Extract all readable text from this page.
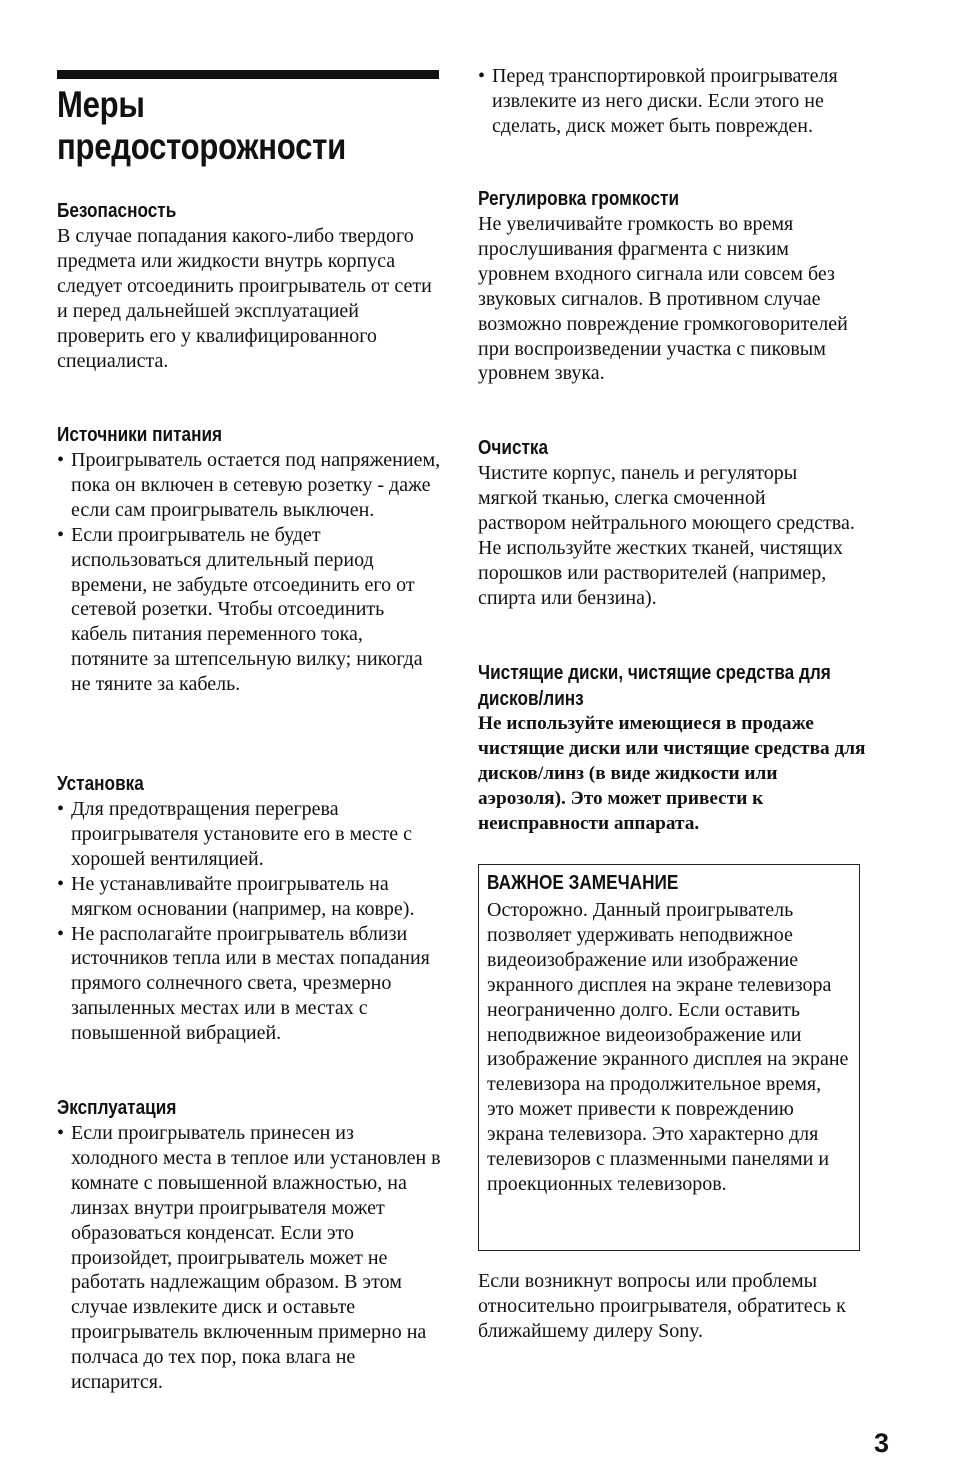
Меры предосторожности
Безопасность

В случае попадания какого-либо твердого предмета или жидкости внутрь корпуса следует отсоединить проигрыватель от сети и перед дальнейшей эксплуатацией проверить его у квалифицированного специалиста.

Источники питания
• Проигрыватель остается под напряжением, пока он включен в сетевую розетку - даже если сам проигрыватель выключен.
• Если проигрыватель не будет использоваться длительный период времени, не забудьте отсоединить его от сетевой розетки. Чтобы отсоединить кабель питания переменного тока, потяните за штепсельную вилку; никогда не тяните за кабель.
Установка
• Для предотвращения перегрева проигрывателя установите его в месте с хорошей вентиляцией.
• Не устанавливайте проигрыватель на мягком основании (например, на ковре).
• Не располагайте проигрыватель вблизи источников тепла или в местах попадания прямого солнечного света, чрезмерно запыленных местах или в местах с повышенной вибрацией.
Эксплуатация
• Если проигрыватель принесен из холодного места в теплое или установлен в комнате с повышенной влажностью, на линзах внутри проигрывателя может образоваться конденсат. Если это произойдет, проигрыватель может не работать надлежащим образом. В этом случае извлеките диск и оставьте проигрыватель включенным примерно на полчаса до тех пор, пока влага не испарится.
• Перед транспортировкой проигрывателя извлеките из него диски. Если этого не сделать, диск может быть поврежден.
Регулировка громкости

Не увеличивайте громкость во время прослушивания фрагмента с низким уровнем входного сигнала или совсем без звуковых сигналов. В противном случае возможно повреждение громкоговорителей при воспроизведении участка с пиковым уровнем звука.

Очистка

Чистите корпус, панель и регуляторы мягкой тканью, слегка смоченной раствором нейтрального моющего средства. Не используйте жестких тканей, чистящих порошков или растворителей (например, спирта или бензина).

Чистящие диски, чистящие средства для дисков/линз

Не используйте имеющиеся в продаже чистящие диски или чистящие средства для дисков/линз (в виде жидкости или аэрозоля). Это может привести к неисправности аппарата.

ВАЖНОЕ ЗАМЕЧАНИЕ

Осторожно. Данный проигрыватель позволяет удерживать неподвижное видеоизображение или изображение экранного дисплея на экране телевизора неограниченно долго. Если оставить неподвижное видеоизображение или изображение экранного дисплея на экране телевизора на продолжительное время, это может привести к повреждению экрана телевизора. Это характерно для телевизоров с плазменными панелями и проекционных телевизоров.

Если возникнут вопросы или проблемы относительно проигрывателя, обратитесь к ближайшему дилеру Sony.

3
